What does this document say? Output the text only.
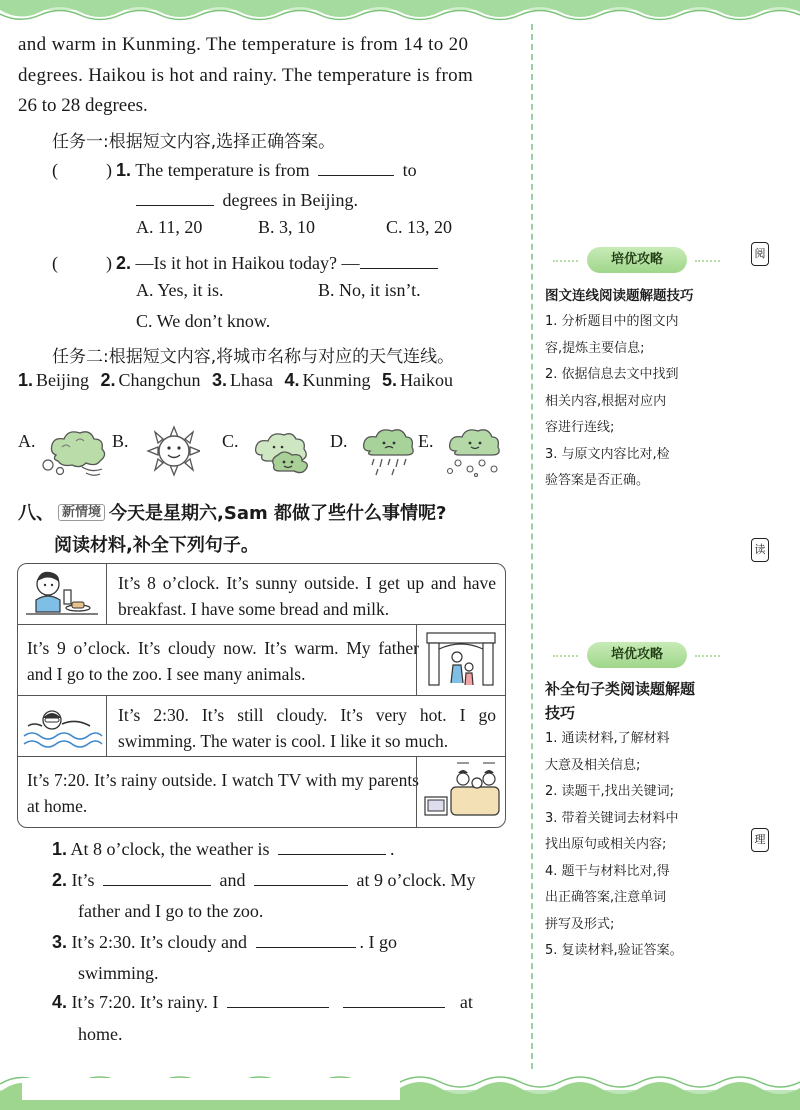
and warm in Kunming. The temperature is from 14 to 20
degrees. Haikou is hot and rainy. The temperature is from
26 to 28 degrees.
任务一:根据短文内容,选择正确答案。
(　　)1. The temperature is from	to
degrees in Beijing.
A. 11, 20	B. 3, 10	C. 13, 20
(　　)2. —Is it hot in Haikou today? —
A. Yes, it is.	B. No, it isn’t.
C. We don’t know.
任务二:根据短文内容,将城市名称与对应的天气连线。
1. Beijing 2. Changchun 3. Lhasa 4. Kunming 5. Haikou
A.	B.	C.	D.	E.
八、 新情境 今天是星期六,Sam 都做了些什么事情呢?
阅读材料,补全下列句子。
It’s 8 o’clock. It’s sunny outside. I get up and have breakfast. I have some bread and milk.
It’s 9 o’clock. It’s cloudy now. It’s warm. My father and I go to the zoo. I see many animals.
It’s 2:30. It’s still cloudy. It’s very hot. I go swimming. The water is cool. I like it so much.
It’s 7:20. It’s rainy outside. I watch TV with my parents at home.
1. At 8 o’clock, the weather is	.
2. It’s	and	at 9 o’clock. My
father and I go to the zoo.
3. It’s 2:30. It’s cloudy and	. I go
swimming.
4. It’s 7:20. It’s rainy. I	at
home.
培优攻略
图文连线阅读题解题技巧
1. 分析题目中的图文内
容,提炼主要信息;
2. 依据信息去文中找到
相关内容,根据对应内
容进行连线;
3. 与原文内容比对,检
验答案是否正确。
培优攻略
补全句子类阅读题解题
技巧
1. 通读材料,了解材料
大意及相关信息;
2. 读题干,找出关键词;
3. 带着关键词去材料中
找出原句或相关内容;
4. 题干与材料比对,得
出正确答案,注意单词
拼写及形式;
5. 复读材料,验证答案。
阅
读
理
